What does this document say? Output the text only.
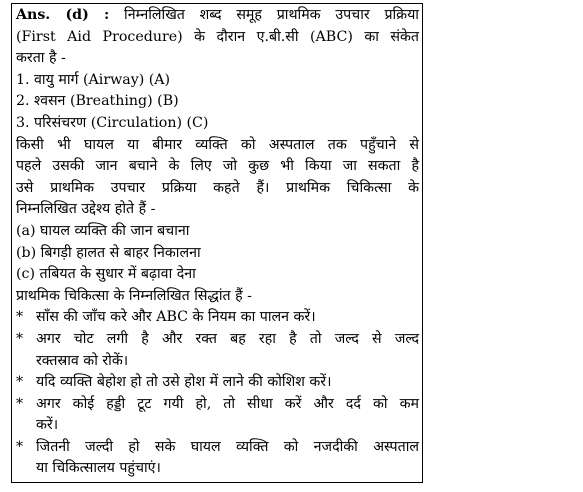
Ans. (d) : निम्नलिखित शब्द समूह प्राथमिक उपचार प्रक्रिया
(First Aid Procedure) के दौरान ए.बी.सी (ABC) का संकेत
करता है -
1. वायु मार्ग (Airway) (A)
2. श्वसन (Breathing) (B)
3. परिसंचरण (Circulation) (C)
किसी भी घायल या बीमार व्यक्ति को अस्पताल तक पहुँचाने से
पहले उसकी जान बचाने के लिए जो कुछ भी किया जा सकता है
उसे प्राथमिक उपचार प्रक्रिया कहते हैं। प्राथमिक चिकित्सा के
निम्नलिखित उद्देश्य होते हैं -
(a) घायल व्यक्ति की जान बचाना
(b) बिगड़ी हालत से बाहर निकालना
(c) तबियत के सुधार में बढ़ावा देना
प्राथमिक चिकित्सा के निम्नलिखित सिद्धांत हैं -
* साँस की जाँच करे और ABC के नियम का पालन करें।
* अगर चोट लगी है और रक्त बह रहा है तो जल्द से जल्द
रक्तस्राव को रोकें।
* यदि व्यक्ति बेहोश हो तो उसे होश में लाने की कोशिश करें।
* अगर कोई हड्डी टूट गयी हो, तो सीधा करें और दर्द को कम
करें।
* जितनी जल्दी हो सके घायल व्यक्ति को नजदीकी अस्पताल
या चिकित्सालय पहुंचाएं।
